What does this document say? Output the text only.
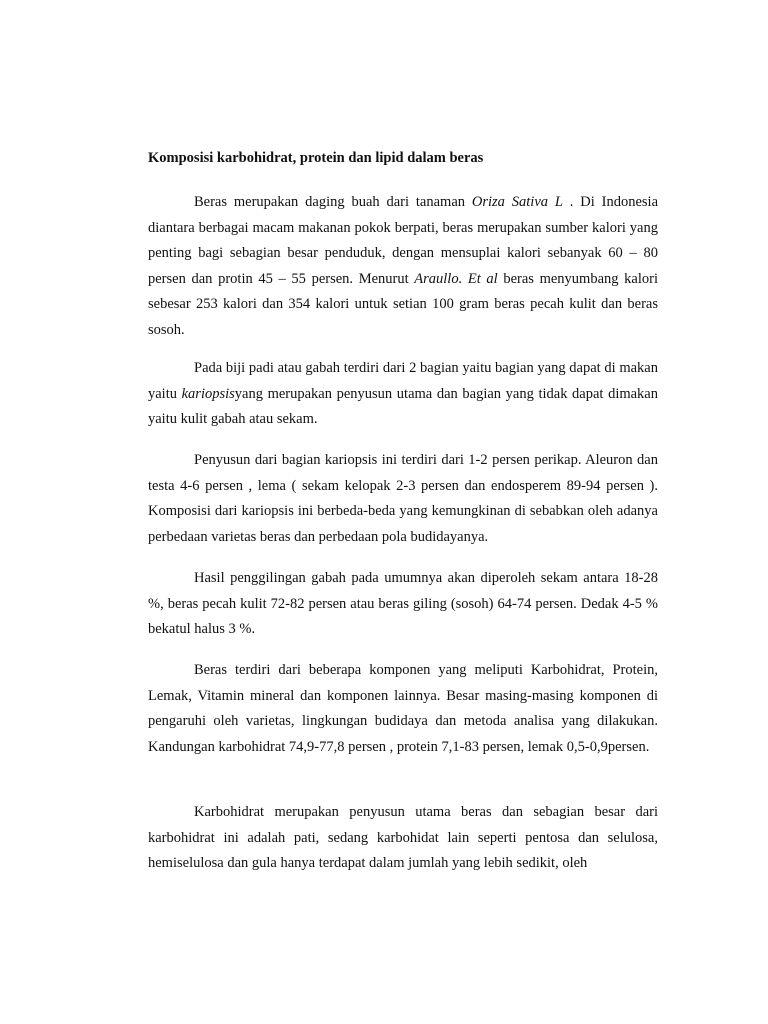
Komposisi karbohidrat, protein dan lipid dalam beras

Beras merupakan daging buah dari tanaman Oriza Sativa L . Di Indonesia diantara berbagai macam makanan pokok berpati, beras merupakan sumber kalori yang penting bagi sebagian besar penduduk, dengan mensuplai kalori sebanyak 60 – 80 persen dan protin 45 – 55 persen. Menurut Araullo. Et al beras menyumbang kalori sebesar 253 kalori dan 354 kalori untuk setian 100 gram beras pecah kulit dan beras sosoh.

Pada biji padi atau gabah terdiri dari 2 bagian yaitu bagian yang dapat di makan yaitu kariopsisyang merupakan penyusun utama dan bagian yang tidak dapat dimakan yaitu kulit gabah atau sekam.

Penyusun dari bagian kariopsis ini terdiri dari 1-2 persen perikap. Aleuron dan testa 4-6 persen , lema ( sekam kelopak 2-3 persen dan endosperem 89-94 persen ). Komposisi dari kariopsis ini berbeda-beda yang kemungkinan di sebabkan oleh adanya perbedaan varietas beras dan perbedaan pola budidayanya.

Hasil penggilingan gabah pada umumnya akan diperoleh sekam antara 18-28 %, beras pecah kulit 72-82 persen atau beras giling (sosoh) 64-74 persen. Dedak 4-5 % bekatul halus 3 %.

Beras terdiri dari beberapa komponen yang meliputi Karbohidrat, Protein, Lemak, Vitamin mineral dan komponen lainnya. Besar masing-masing komponen di pengaruhi oleh varietas, lingkungan budidaya dan metoda analisa yang dilakukan. Kandungan karbohidrat 74,9-77,8 persen , protein 7,1-83 persen, lemak 0,5-0,9persen.

Karbohidrat merupakan penyusun utama beras dan sebagian besar dari karbohidrat ini adalah pati, sedang karbohidat lain seperti pentosa dan selulosa, hemiselulosa dan gula hanya terdapat dalam jumlah yang lebih sedikit, oleh
